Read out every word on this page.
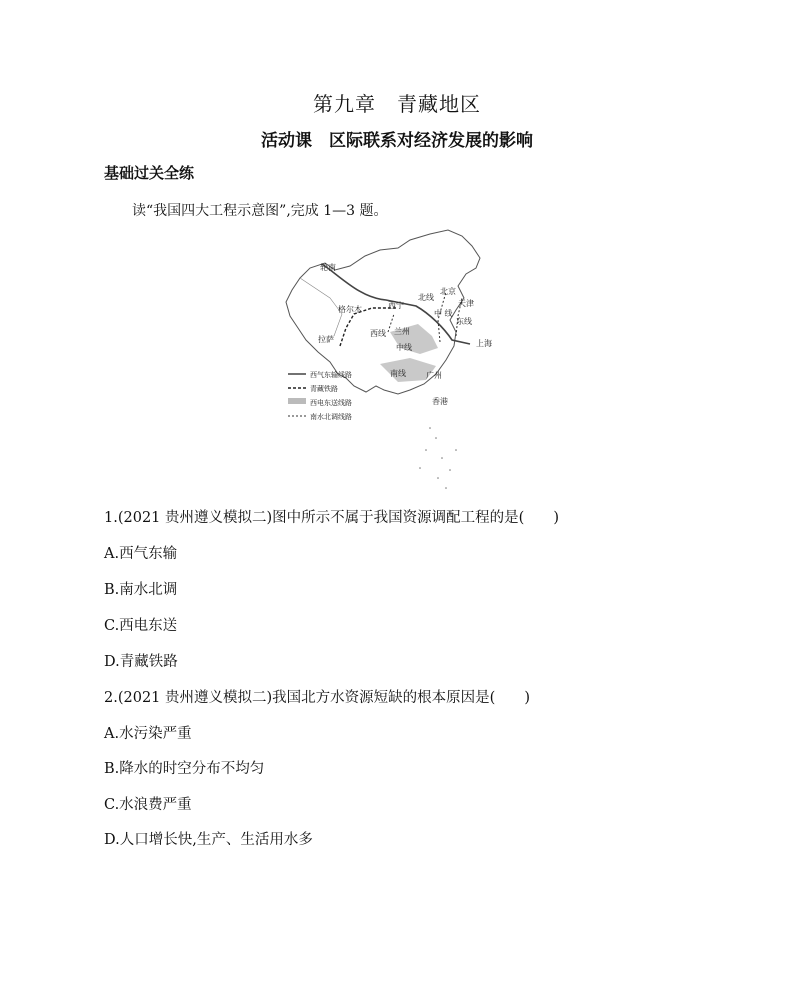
第九章　青藏地区
活动课　区际联系对经济发展的影响
基础过关全练
读“我国四大工程示意图”,完成 1—3 题。
轮南
西宁
格尔木
兰州
拉萨
北京
天津
上海
广州
香港
北线
中线
南线
东线
西线
中 线
西气东输线路
青藏铁路
西电东送线路
南水北调线路
1.(2021 贵州遵义模拟二)图中所示不属于我国资源调配工程的是(　　)
A.西气东输
B.南水北调
C.西电东送
D.青藏铁路
2.(2021 贵州遵义模拟二)我国北方水资源短缺的根本原因是(　　)
A.水污染严重
B.降水的时空分布不均匀
C.水浪费严重
D.人口增长快,生产、生活用水多
